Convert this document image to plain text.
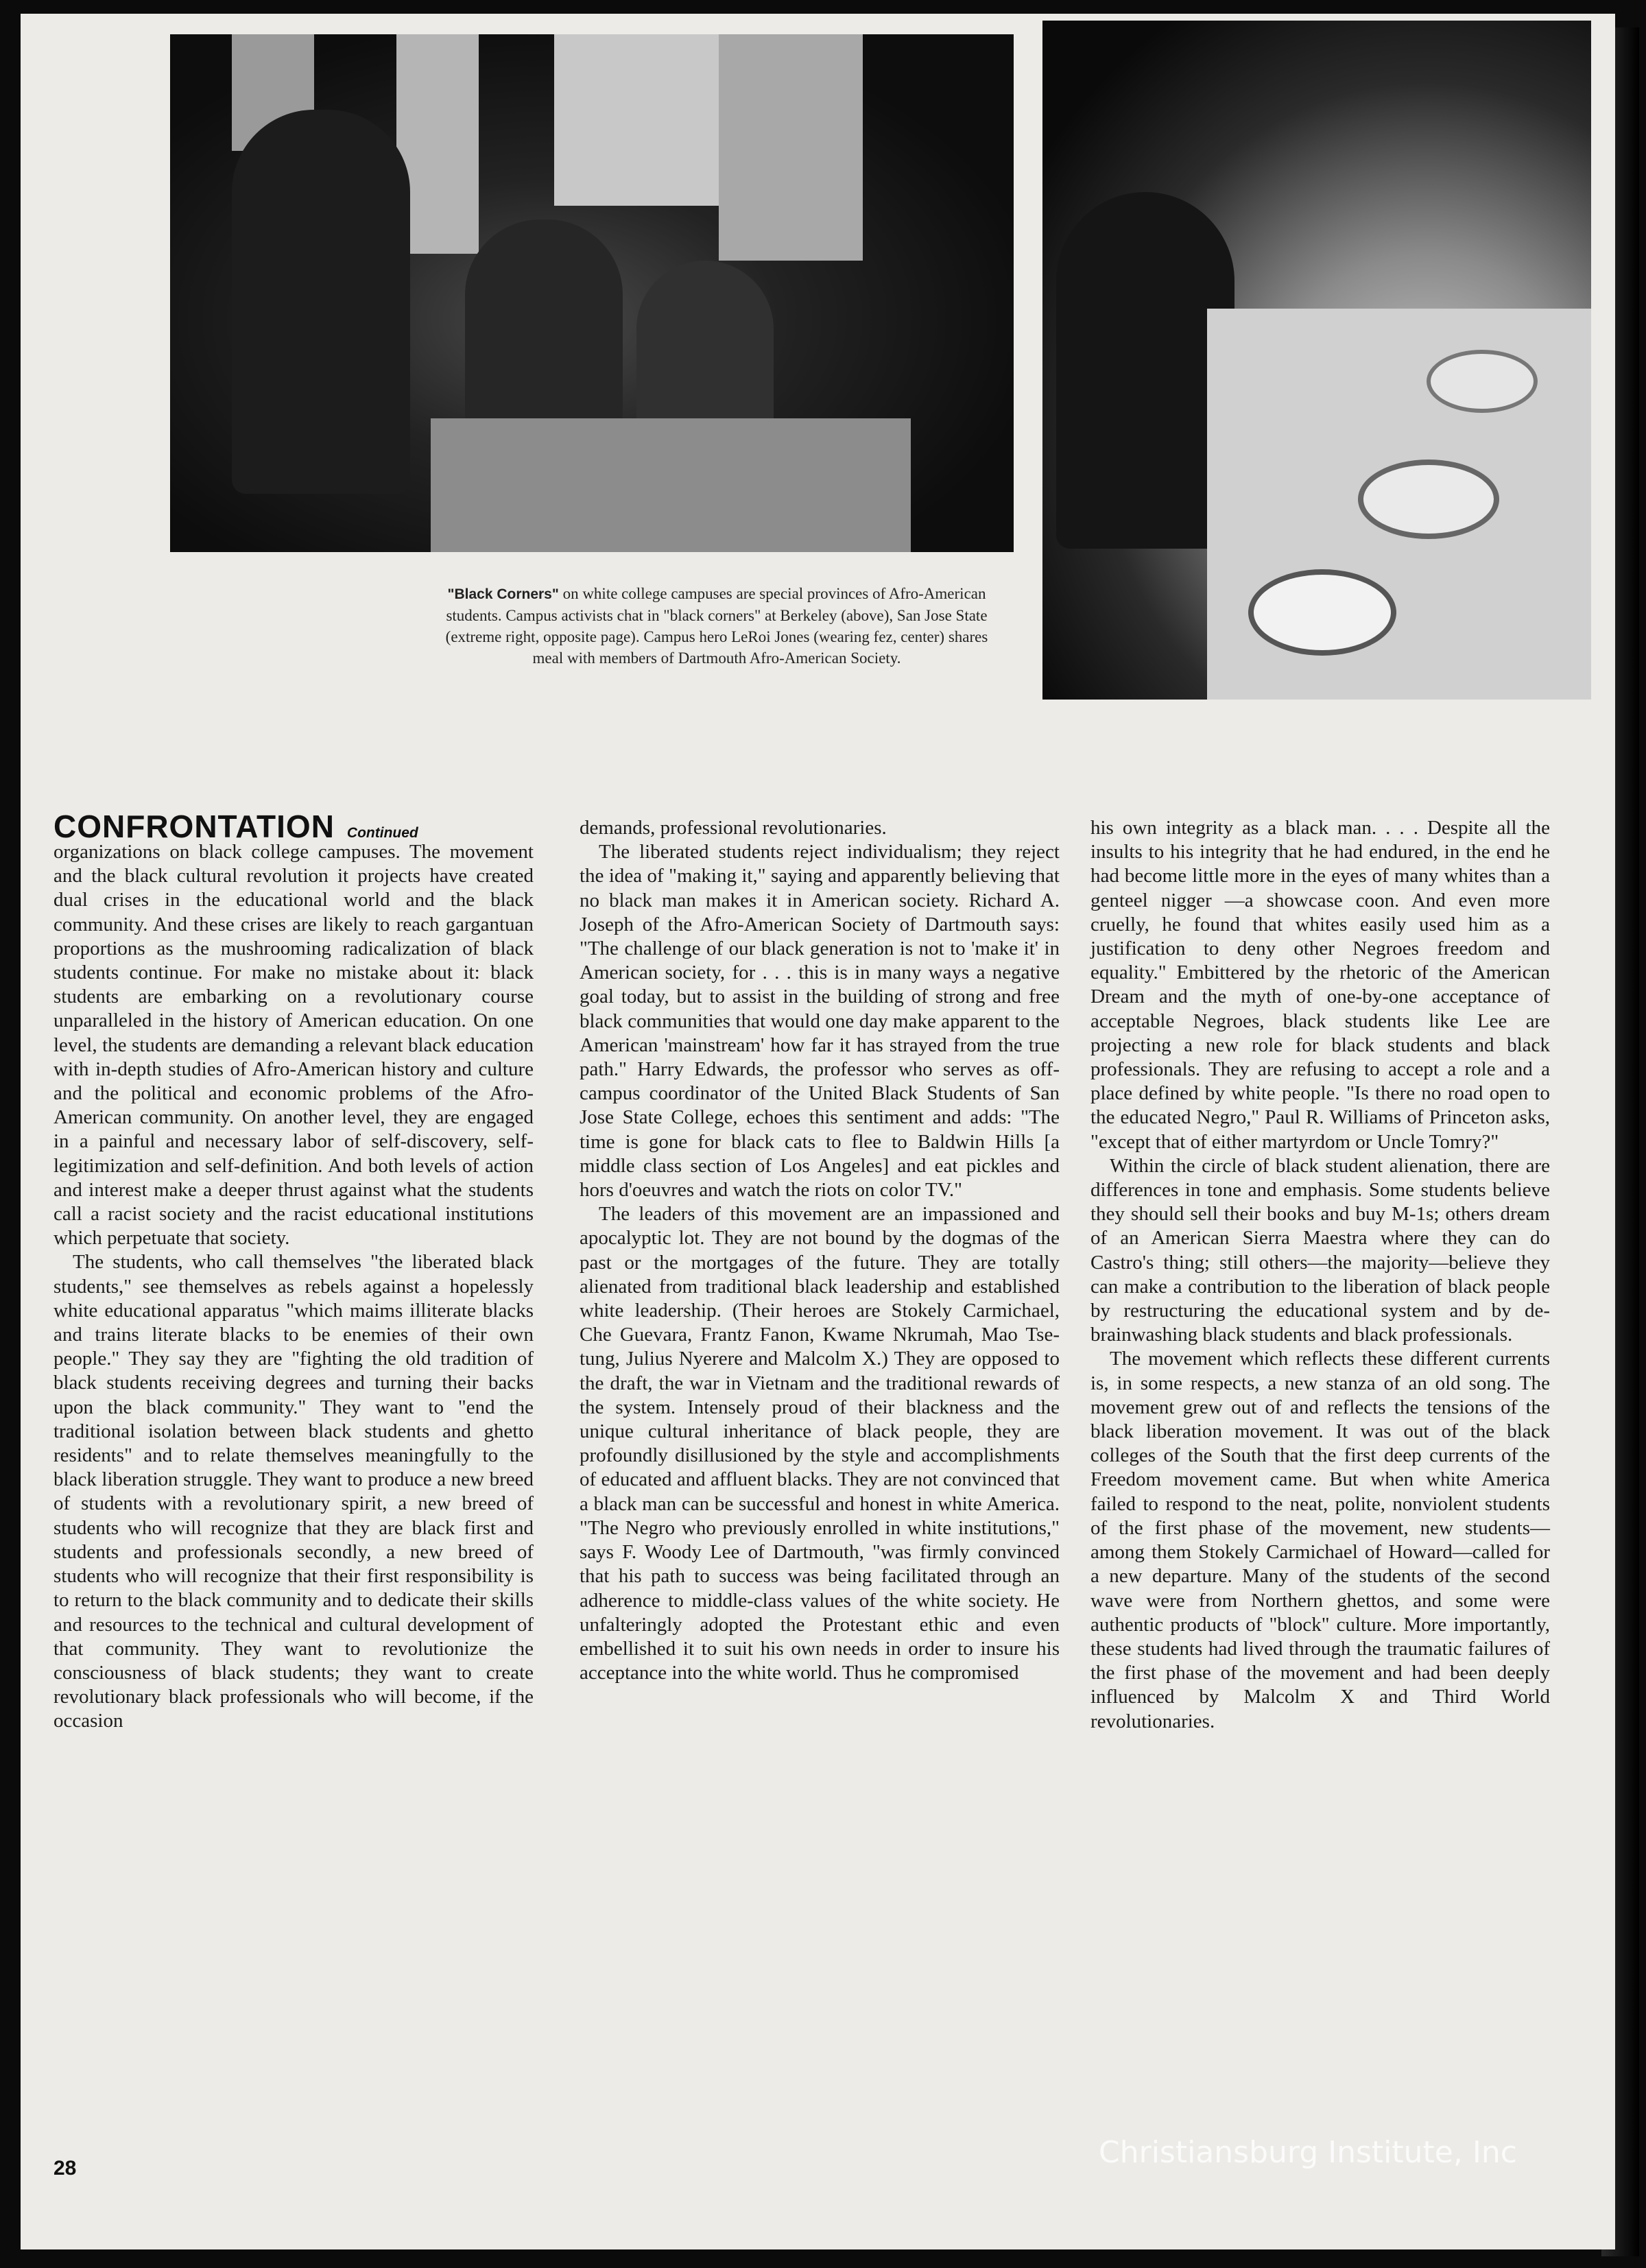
"Black Corners" on white college campuses are special provinces of Afro-American students. Campus activists chat in "black corners" at Berkeley (above), San Jose State (extreme right, opposite page). Campus hero LeRoi Jones (wearing fez, center) shares meal with members of Dartmouth Afro-American Society.
CONFRONTATION Continued

organizations on black college campuses. The movement and the black cultural revolution it projects have created dual crises in the educational world and the black community. And these crises are likely to reach gargantuan proportions as the mushrooming radicalization of black students continue. For make no mistake about it: black students are embarking on a revolutionary course unparalleled in the history of American education. On one level, the students are demanding a relevant black education with in-depth studies of Afro-American history and culture and the political and economic problems of the Afro-American community. On another level, they are engaged in a painful and necessary labor of self-discovery, self-legitimization and self-definition. And both levels of action and interest make a deeper thrust against what the students call a racist society and the racist educational institutions which perpetuate that society.

The students, who call themselves "the liberated black students," see themselves as rebels against a hopelessly white educational apparatus "which maims illiterate blacks and trains literate blacks to be enemies of their own people." They say they are "fighting the old tradition of black students receiving degrees and turning their backs upon the black community." They want to "end the traditional isolation between black students and ghetto residents" and to relate themselves meaningfully to the black liberation struggle. They want to produce a new breed of students with a revolutionary spirit, a new breed of students who will recognize that they are black first and students and professionals secondly, a new breed of students who will recognize that their first responsibility is to return to the black community and to dedicate their skills and resources to the technical and cultural development of that community. They want to revolutionize the consciousness of black students; they want to create revolutionary black professionals who will become, if the occasion

demands, professional revolutionaries.

The liberated students reject individualism; they reject the idea of "making it," saying and apparently believing that no black man makes it in American society. Richard A. Joseph of the Afro-American Society of Dartmouth says: "The challenge of our black generation is not to 'make it' in American society, for . . . this is in many ways a negative goal today, but to assist in the building of strong and free black communities that would one day make apparent to the American 'mainstream' how far it has strayed from the true path." Harry Edwards, the professor who serves as off-campus coordinator of the United Black Students of San Jose State College, echoes this sentiment and adds: "The time is gone for black cats to flee to Baldwin Hills [a middle class section of Los Angeles] and eat pickles and hors d'oeuvres and watch the riots on color TV."

The leaders of this movement are an impassioned and apocalyptic lot. They are not bound by the dogmas of the past or the mortgages of the future. They are totally alienated from traditional black leadership and established white leadership. (Their heroes are Stokely Carmichael, Che Guevara, Frantz Fanon, Kwame Nkrumah, Mao Tse-tung, Julius Nyerere and Malcolm X.) They are opposed to the draft, the war in Vietnam and the traditional rewards of the system. Intensely proud of their blackness and the unique cultural inheritance of black people, they are profoundly disillusioned by the style and accomplishments of educated and affluent blacks. They are not convinced that a black man can be successful and honest in white America. "The Negro who previously enrolled in white institutions," says F. Woody Lee of Dartmouth, "was firmly convinced that his path to success was being facilitated through an adherence to middle-class values of the white society. He unfalteringly adopted the Protestant ethic and even embellished it to suit his own needs in order to insure his acceptance into the white world. Thus he compromised

his own integrity as a black man. . . . Despite all the insults to his integrity that he had endured, in the end he had become little more in the eyes of many whites than a genteel nigger —a showcase coon. And even more cruelly, he found that whites easily used him as a justification to deny other Negroes freedom and equality." Embittered by the rhetoric of the American Dream and the myth of one-by-one acceptance of acceptable Negroes, black students like Lee are projecting a new role for black students and black professionals. They are refusing to accept a role and a place defined by white people. "Is there no road open to the educated Negro," Paul R. Williams of Princeton asks, "except that of either martyrdom or Uncle Tomry?"

Within the circle of black student alienation, there are differences in tone and emphasis. Some students believe they should sell their books and buy M-1s; others dream of an American Sierra Maestra where they can do Castro's thing; still others—the majority—believe they can make a contribution to the liberation of black people by restructuring the educational system and by de-brainwashing black students and black professionals.

The movement which reflects these different currents is, in some respects, a new stanza of an old song. The movement grew out of and reflects the tensions of the black liberation movement. It was out of the black colleges of the South that the first deep currents of the Freedom movement came. But when white America failed to respond to the neat, polite, nonviolent students of the first phase of the movement, new students—among them Stokely Carmichael of Howard—called for a new departure. Many of the students of the second wave were from Northern ghettos, and some were authentic products of "block" culture. More importantly, these students had lived through the traumatic failures of the first phase of the movement and had been deeply influenced by Malcolm X and Third World revolutionaries.

28	Christiansburg Institute, Inc
